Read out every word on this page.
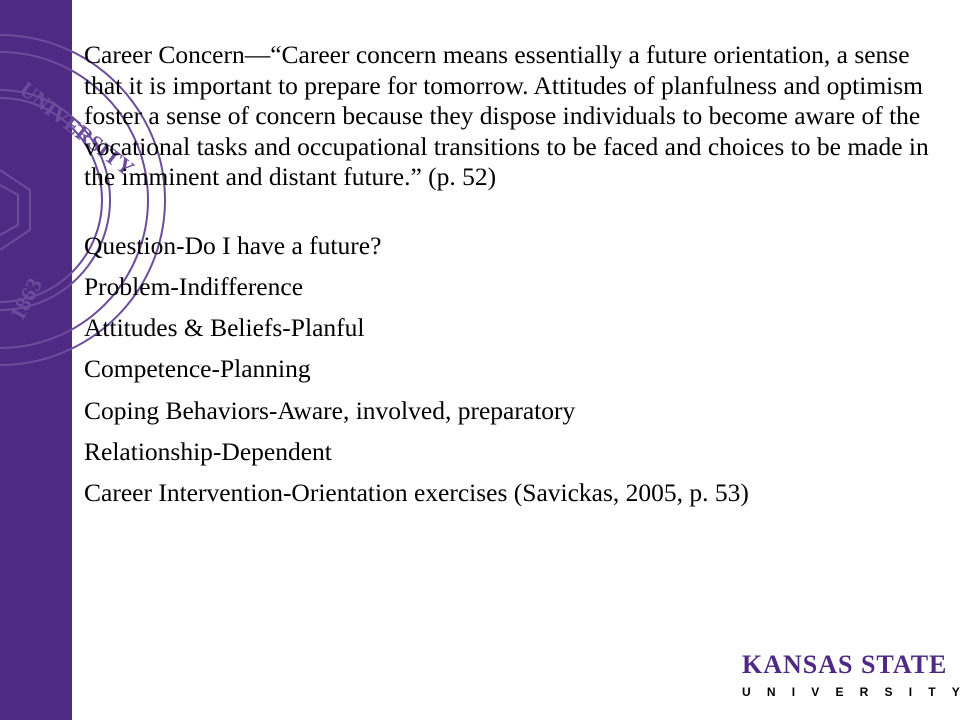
UNIVERSITY
1863

Career Concern—“Career concern means essentially a future orientation, a sense that it is important to prepare for tomorrow. Attitudes of planfulness and optimism foster a sense of concern because they dispose individuals to become aware of the vocational tasks and occupational transitions to be faced and choices to be made in the imminent and distant future.” (p. 52)

Question-Do I have a future?
Problem-Indifference
Attitudes & Beliefs-Planful
Competence-Planning
Coping Behaviors-Aware, involved, preparatory
Relationship-Dependent
Career Intervention-Orientation exercises (Savickas, 2005, p. 53)
KANSAS STATE
UNIVERSITY
